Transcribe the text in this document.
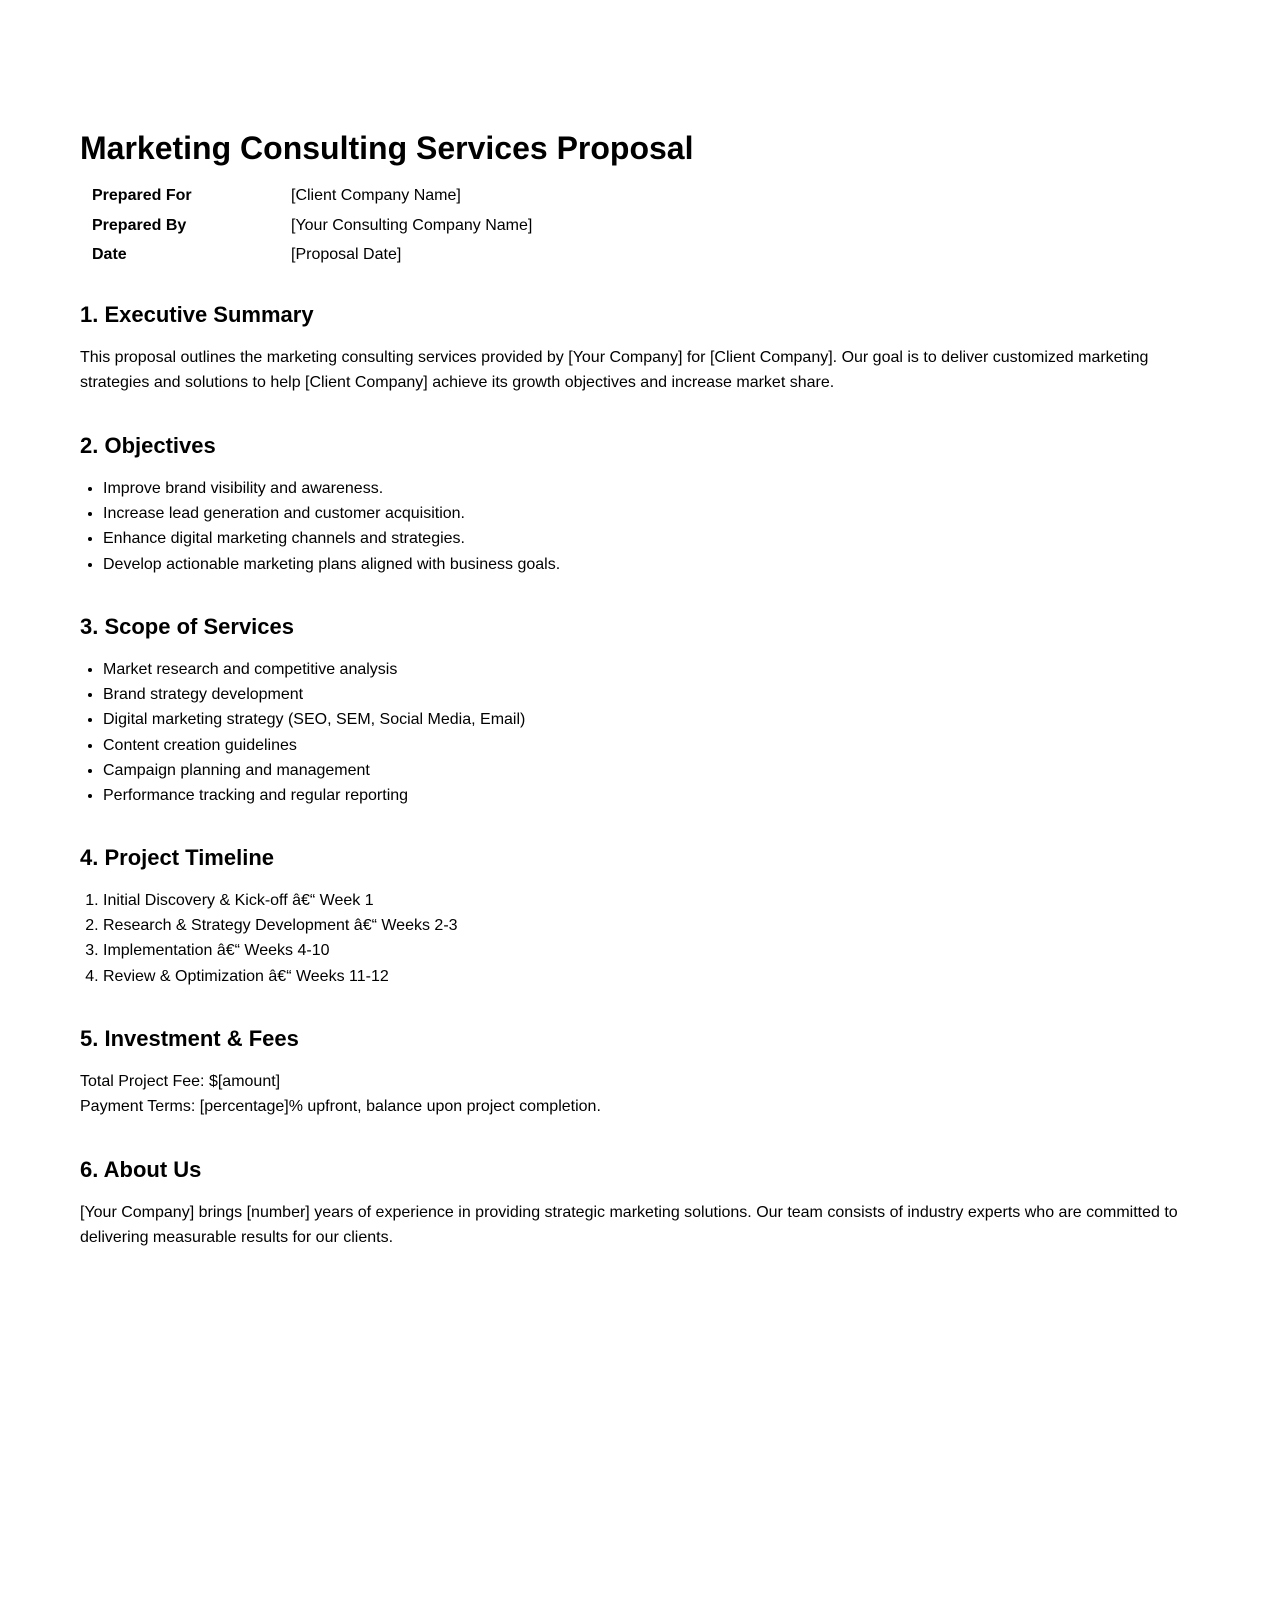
Marketing Consulting Services Proposal
Prepared For	[Client Company Name]
Prepared By	[Your Consulting Company Name]
Date	[Proposal Date]
1. Executive Summary

This proposal outlines the marketing consulting services provided by [Your Company] for [Client Company]. Our goal is to deliver customized marketing strategies and solutions to help [Client Company] achieve its growth objectives and increase market share.

2. Objectives
• Improve brand visibility and awareness.
• Increase lead generation and customer acquisition.
• Enhance digital marketing channels and strategies.
• Develop actionable marketing plans aligned with business goals.
3. Scope of Services
• Market research and competitive analysis
• Brand strategy development
• Digital marketing strategy (SEO, SEM, Social Media, Email)
• Content creation guidelines
• Campaign planning and management
• Performance tracking and regular reporting
4. Project Timeline
1. Initial Discovery & Kick-off â€“ Week 1
2. Research & Strategy Development â€“ Weeks 2-3
3. Implementation â€“ Weeks 4-10
4. Review & Optimization â€“ Weeks 11-12
5. Investment & Fees

Total Project Fee: $[amount]

Payment Terms: [percentage]% upfront, balance upon project completion.

6. About Us

[Your Company] brings [number] years of experience in providing strategic marketing solutions. Our team consists of industry experts who are committed to delivering measurable results for our clients.
